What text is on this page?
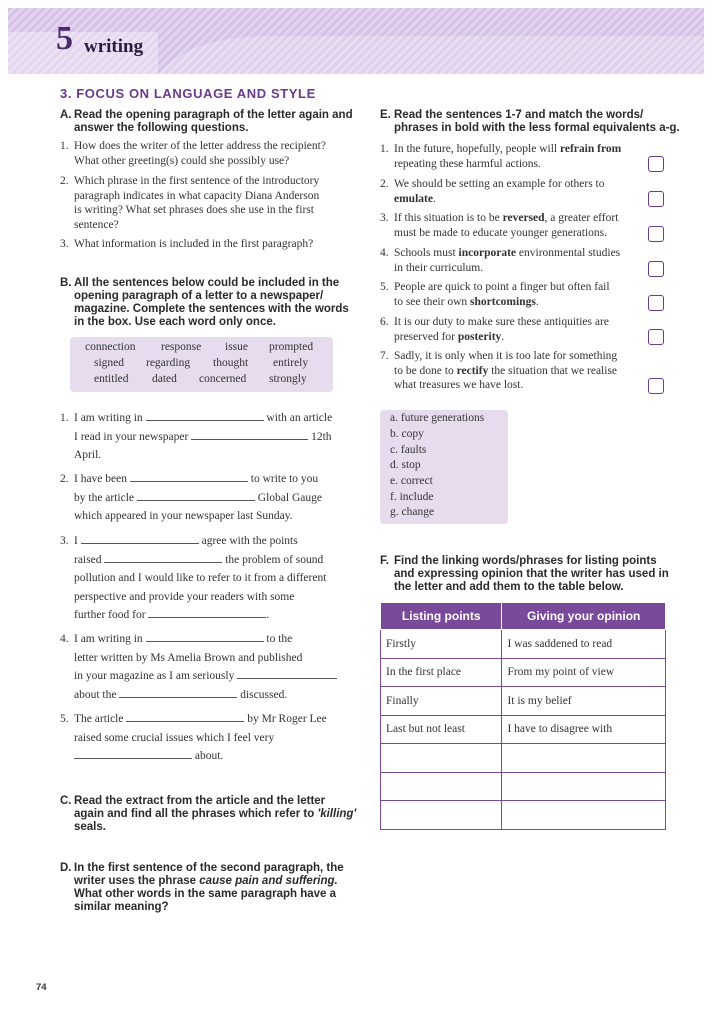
5 writing
3. FOCUS ON LANGUAGE AND STYLE
A. Read the opening paragraph of the letter again and
answer the following questions.
1. How does the writer of the letter address the recipient?
What other greeting(s) could she possibly use?
2. Which phrase in the first sentence of the introductory
paragraph indicates in what capacity Diana Anderson
is writing? What set phrases does she use in the first
sentence?
3. What information is included in the first paragraph?
B. All the sentences below could be included in the
opening paragraph of a letter to a newspaper/
magazine. Complete the sentences with the words
in the box. Use each word only once.
connection response issue prompted
signed regarding thought entirely
entitled dated concerned strongly
1. I am writing in	with an article
I read in your newspaper	12th
April.
2. I have been	to write to you
by the article	Global Gauge
which appeared in your newspaper last Sunday.
3. I	agree with the points
raised	the problem of sound
pollution and I would like to refer to it from a different
perspective and provide your readers with some
further food for	.
4. I am writing in	to the
letter written by Ms Amelia Brown and published
in your magazine as I am seriously
about the	discussed.
5. The article	by Mr Roger Lee
raised some crucial issues which I feel very
about.
C. Read the extract from the article and the letter
again and find all the phrases which refer to 'killing'
seals.
D. In the first sentence of the second paragraph, the
writer uses the phrase cause pain and suffering.
What other words in the same paragraph have a
similar meaning?
E. Read the sentences 1-7 and match the words/
phrases in bold with the less formal equivalents a-g.
1. In the future, hopefully, people will refrain from
repeating these harmful actions.
2. We should be setting an example for others to
emulate.
3. If this situation is to be reversed, a greater effort
must be made to educate younger generations.
4. Schools must incorporate environmental studies
in their curriculum.
5. People are quick to point a finger but often fail
to see their own shortcomings.
6. It is our duty to make sure these antiquities are
preserved for posterity.
7. Sadly, it is only when it is too late for something
to be done to rectify the situation that we realise
what treasures we have lost.
a. future generations
b. copy
c. faults
d. stop
e. correct
f. include
g. change
F. Find the linking words/phrases for listing points
and expressing opinion that the writer has used in
the letter and add them to the table below.
Listing points	Giving your opinion
Firstly	I was saddened to read
In the first place	From my point of view
Finally	It is my belief
Last but not least	I have to disagree with

74
